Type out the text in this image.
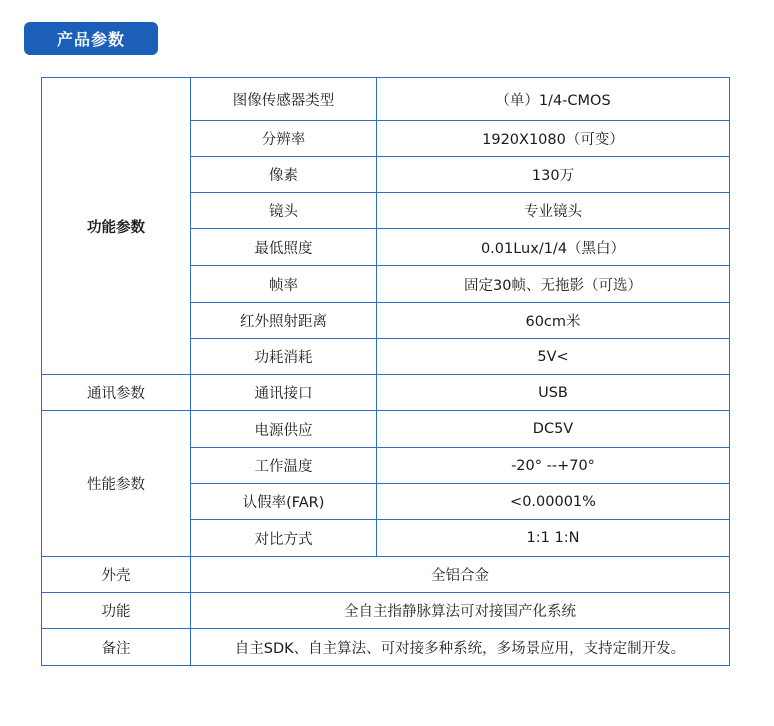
产品参数
功能参数	图像传感器类型	（单）1/4-CMOS
	分辨率	1920X1080（可变）
	像素	130万
	镜头	专业镜头
	最低照度	0.01Lux/1/4（黑白）
	帧率	固定30帧、无拖影（可选）
	红外照射距离	60cm米
	功耗消耗	5V<
通讯参数	通讯接口	USB
性能参数	电源供应	DC5V
	工作温度	-20° --+70°
	认假率(FAR)	<0.00001%
	对比方式	1:1 1:N
外壳	全铝合金	
功能	全自主指静脉算法可对接国产化系统	
备注	自主SDK、自主算法、可对接多种系统，多场景应用，支持定制开发。	
